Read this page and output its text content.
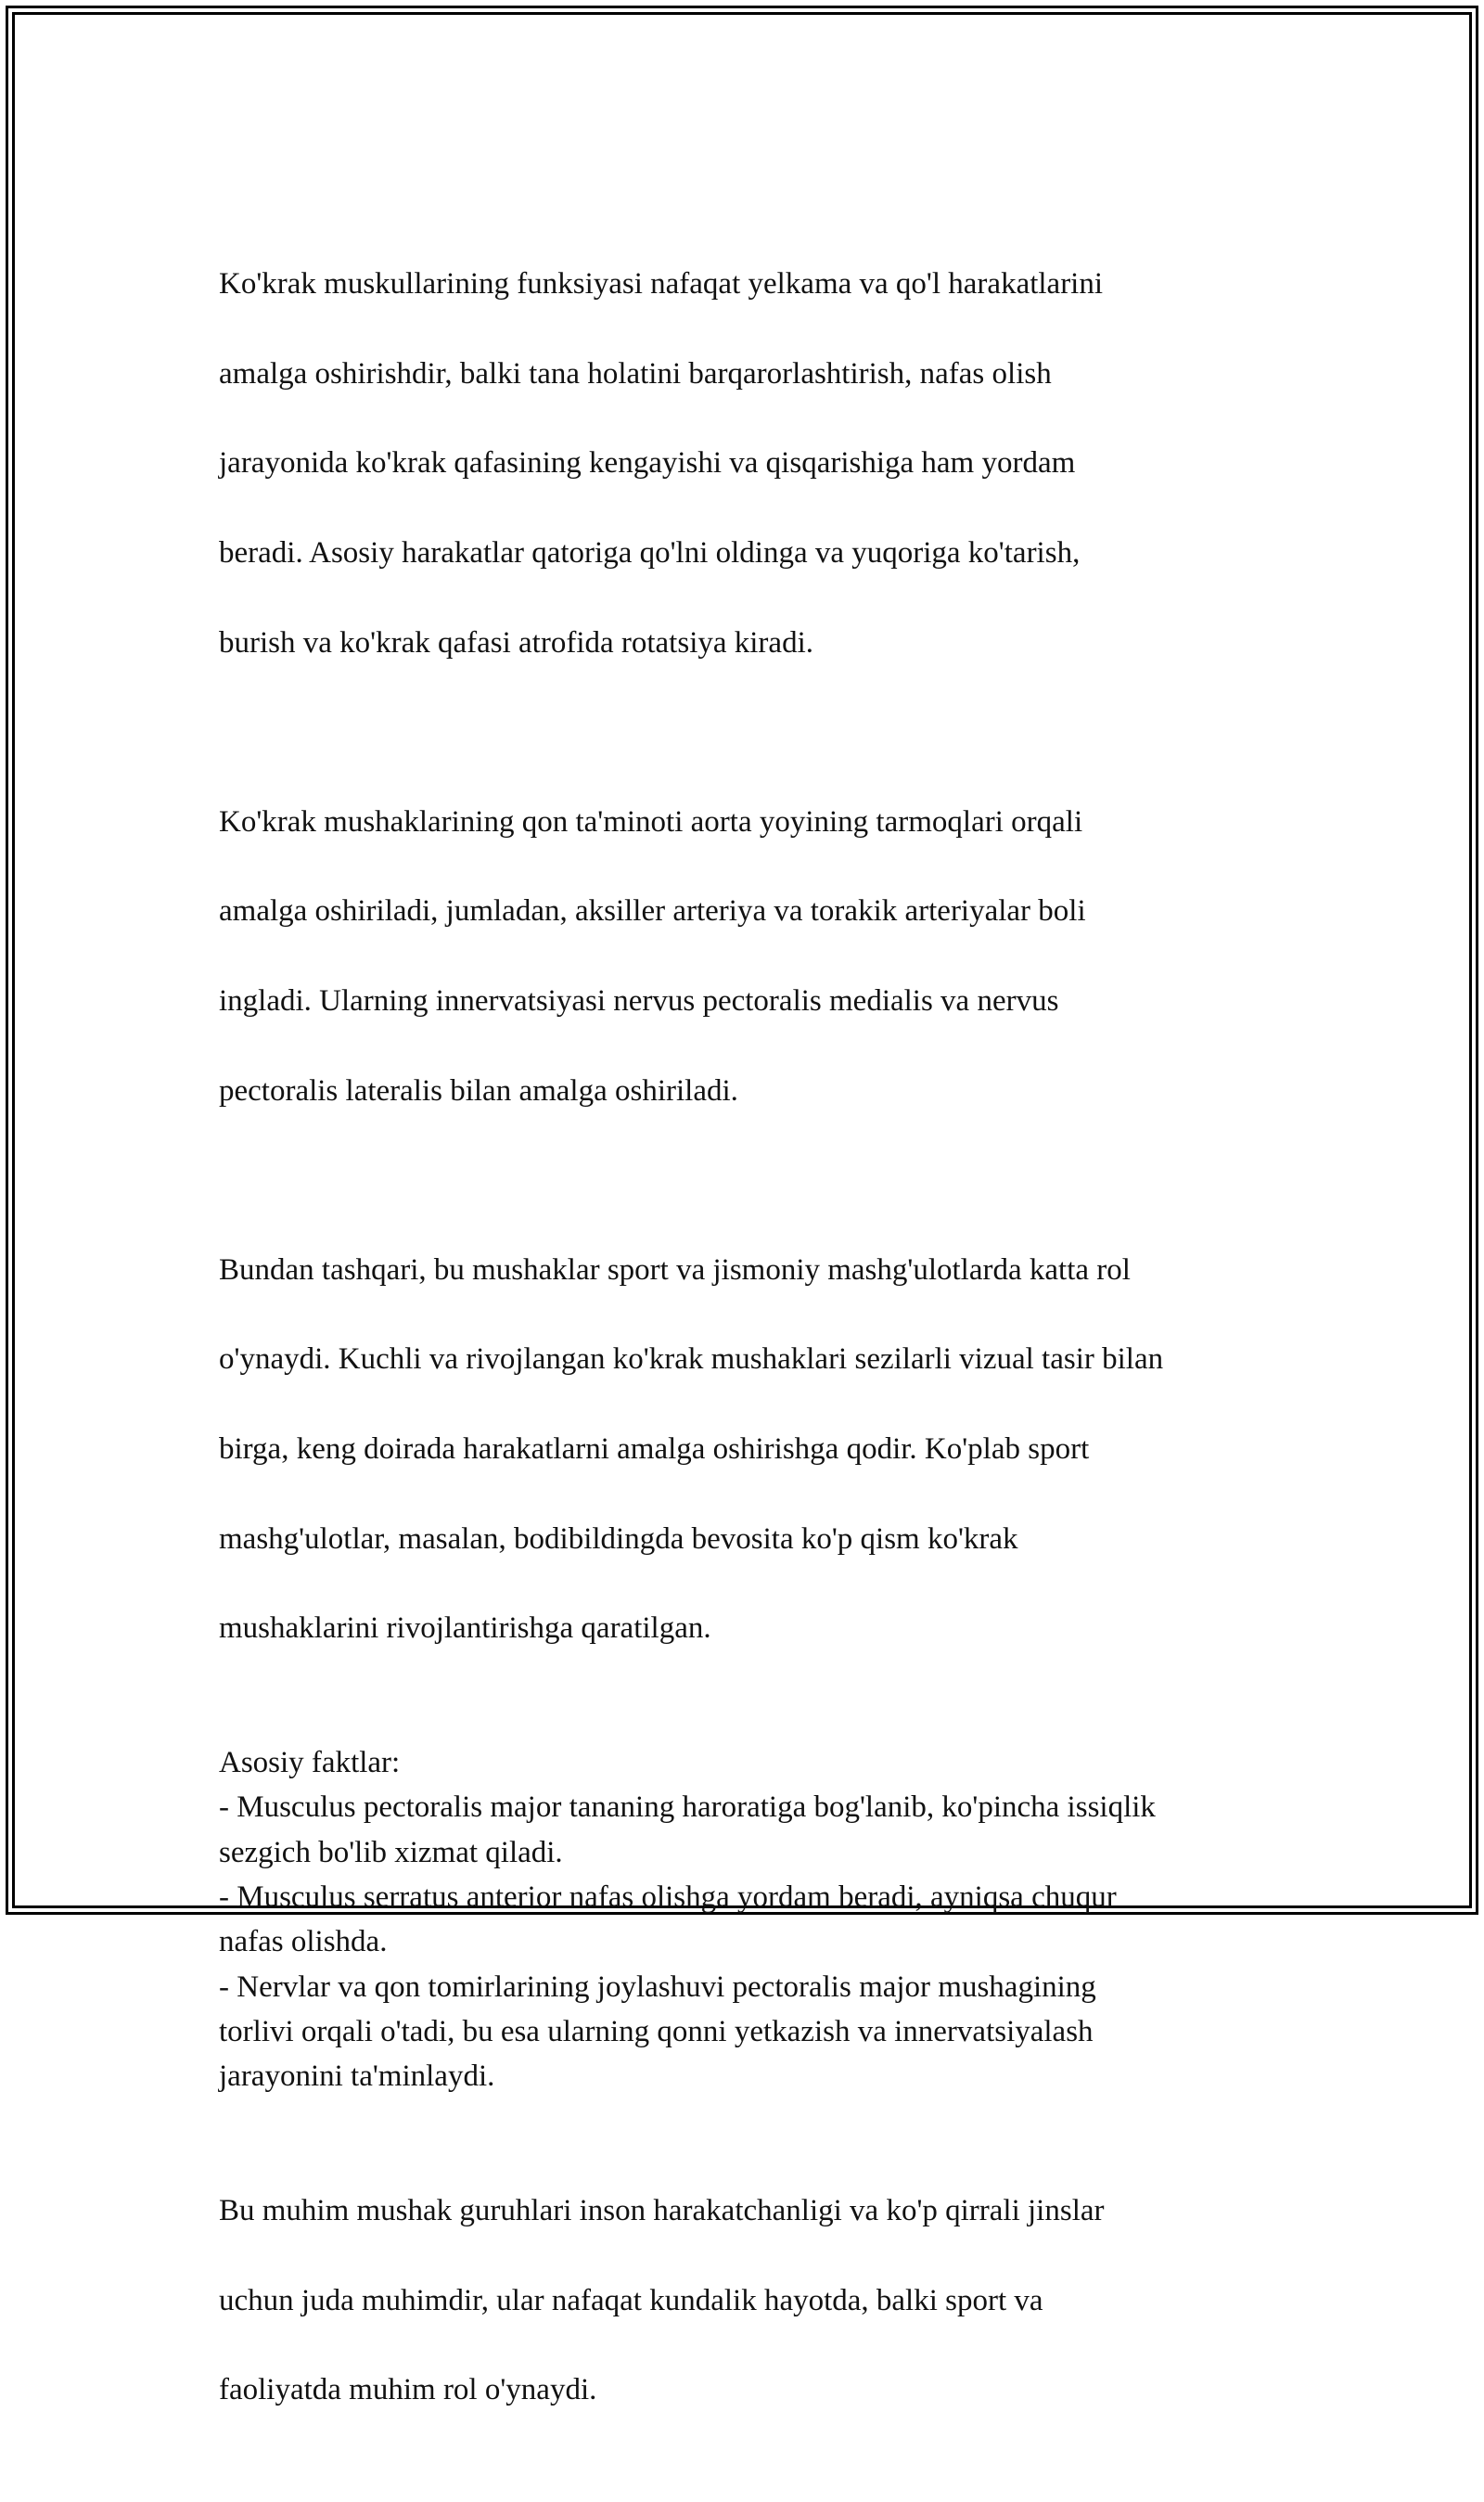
Ko'krak muskullarining funksiyasi nafaqat yelkama va qo'l harakatlarini

amalga oshirishdir, balki tana holatini barqarorlashtirish, nafas olish

jarayonida ko'krak qafasining kengayishi va qisqarishiga ham yordam

beradi. Asosiy harakatlar qatoriga qo'lni oldinga va yuqoriga ko'tarish,

burish va ko'krak qafasi atrofida rotatsiya kiradi.

Ko'krak mushaklarining qon ta'minoti aorta yoyining tarmoqlari orqali

amalga oshiriladi, jumladan, aksiller arteriya va torakik arteriyalar boli

ingladi. Ularning innervatsiyasi nervus pectoralis medialis va nervus

pectoralis lateralis bilan amalga oshiriladi.

Bundan tashqari, bu mushaklar sport va jismoniy mashg'ulotlarda katta rol

o'ynaydi. Kuchli va rivojlangan ko'krak mushaklari sezilarli vizual tasir bilan

birga, keng doirada harakatlarni amalga oshirishga qodir. Ko'plab sport

mashg'ulotlar, masalan, bodibildingda bevosita ko'p qism ko'krak

mushaklarini rivojlantirishga qaratilgan.

Asosiy faktlar:
- Musculus pectoralis major tananing haroratiga bog'lanib, ko'pincha issiqlik
sezgich bo'lib xizmat qiladi.
- Musculus serratus anterior nafas olishga yordam beradi, ayniqsa chuqur
nafas olishda.
- Nervlar va qon tomirlarining joylashuvi pectoralis major mushagining
torlivi orqali o'tadi, bu esa ularning qonni yetkazish va innervatsiyalash
jarayonini ta'minlaydi.

Bu muhim mushak guruhlari inson harakatchanligi va ko'p qirrali jinslar

uchun juda muhimdir, ular nafaqat kundalik hayotda, balki sport va

faoliyatda muhim rol o'ynaydi.
